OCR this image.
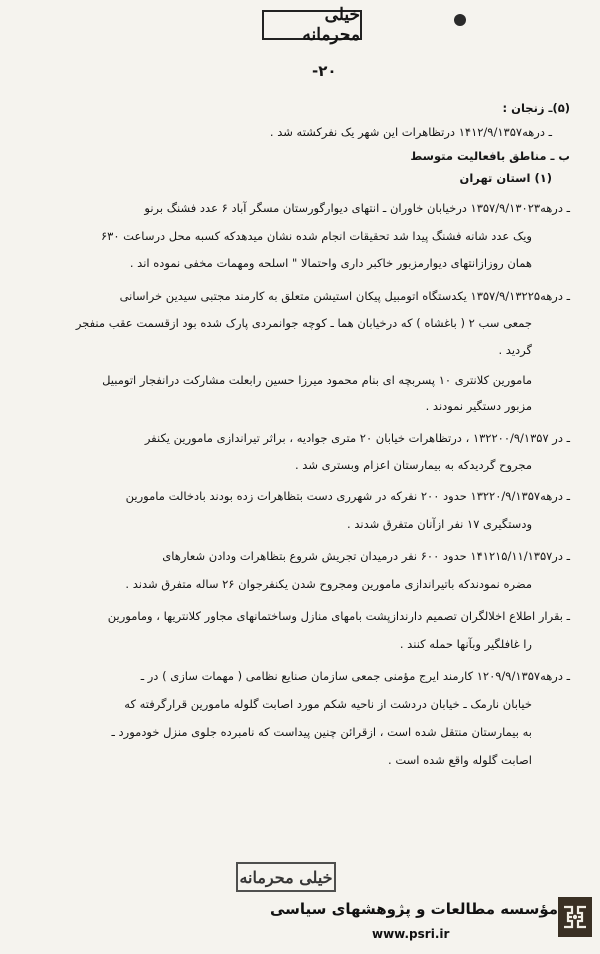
خیلی محرمانه
-۲۰
(۵)ـ زنجان :
ـ درهه۱۴۱۲/۹/۱۳۵۷ درتظاهرات این شهر یک نفرکشته شد .
ب ـ مناطق بافعالیت متوسط
(۱) استان تهران
ـ درهه۱۳۵۷/۹/۱۳۰۲۳ درخیابان خاوران ـ انتهای دیوارگورستان مسگر آباد ۶ عدد فشنگ برنو
ویک عدد شانه فشنگ پیدا شد تحقیقات انجام شده نشان میدهدکه کسبه محل درساعت ۶۳۰
همان روزازانتهای دیوارمزبور خاکبر داری واحتمالا " اسلحه ومهمات مخفی نموده اند .
ـ درهه۱۳۵۷/۹/۱۳۲۲۵ یکدستگاه اتومبیل پیکان استیشن متعلق به کارمند مجتبی سیدین خراسانی
جمعی سب ۲ ( باغشاه ) که درخیابان هما ـ کوچه جوانمردی پارک شده بود ازقسمت عقب منفجر
گردید .
مامورین کلانتری ۱۰ پسربچه ای بنام محمود میرزا حسین رابعلت مشارکت درانفجار اتومبیل
مزبور دستگیر نمودند .
ـ در ۱۳۲۲۰۰/۹/۱۳۵۷ ، درتظاهرات خیابان ۲۰ متری جوادیه ، براثر تیراندازی مامورین یکنفر
مجروح گردیدکه به بیمارستان اعزام وبستری شد .
ـ درهه۱۳۲۲۰/۹/۱۳۵۷ حدود ۲۰۰ نفرکه در شهرری دست بتظاهرات زده بودند بادخالت مامورین
ودستگیری ۱۷ نفر ازآنان متفرق شدند .
ـ در۱۴۱۲۱۵/۱۱/۱۳۵۷ حدود ۶۰۰ نفر درمیدان تجریش شروع بتظاهرات ودادن شعارهای
مضره نمودندکه باتیراندازی مامورین ومجروح شدن یکنفرجوان ۲۶ ساله متفرق شدند .
ـ بقرار اطلاع اخلالگران تصمیم دارندازپشت بامهای منازل وساختمانهای مجاور کلانتریها ، ومامورین
را غافلگیر وبآنها حمله کنند .
ـ درهه۱۲۰۹/۹/۱۳۵۷ کارمند ایرج مؤمنی جمعی سازمان صنایع نظامی ( مهمات سازی ) در ـ
خیابان نارمک ـ خیابان دردشت از ناحیه شکم مورد اصابت گلوله مامورین قرارگرفته که
به بیمارستان منتقل شده است ، ازقرائن چنین پیداست که نامبرده جلوی منزل خودمورد ـ
اصابت گلوله واقع شده است .
خیلی محرمانه
مؤسسه مطالعات و پژوهشهای سیاسی
www.psri.ir
